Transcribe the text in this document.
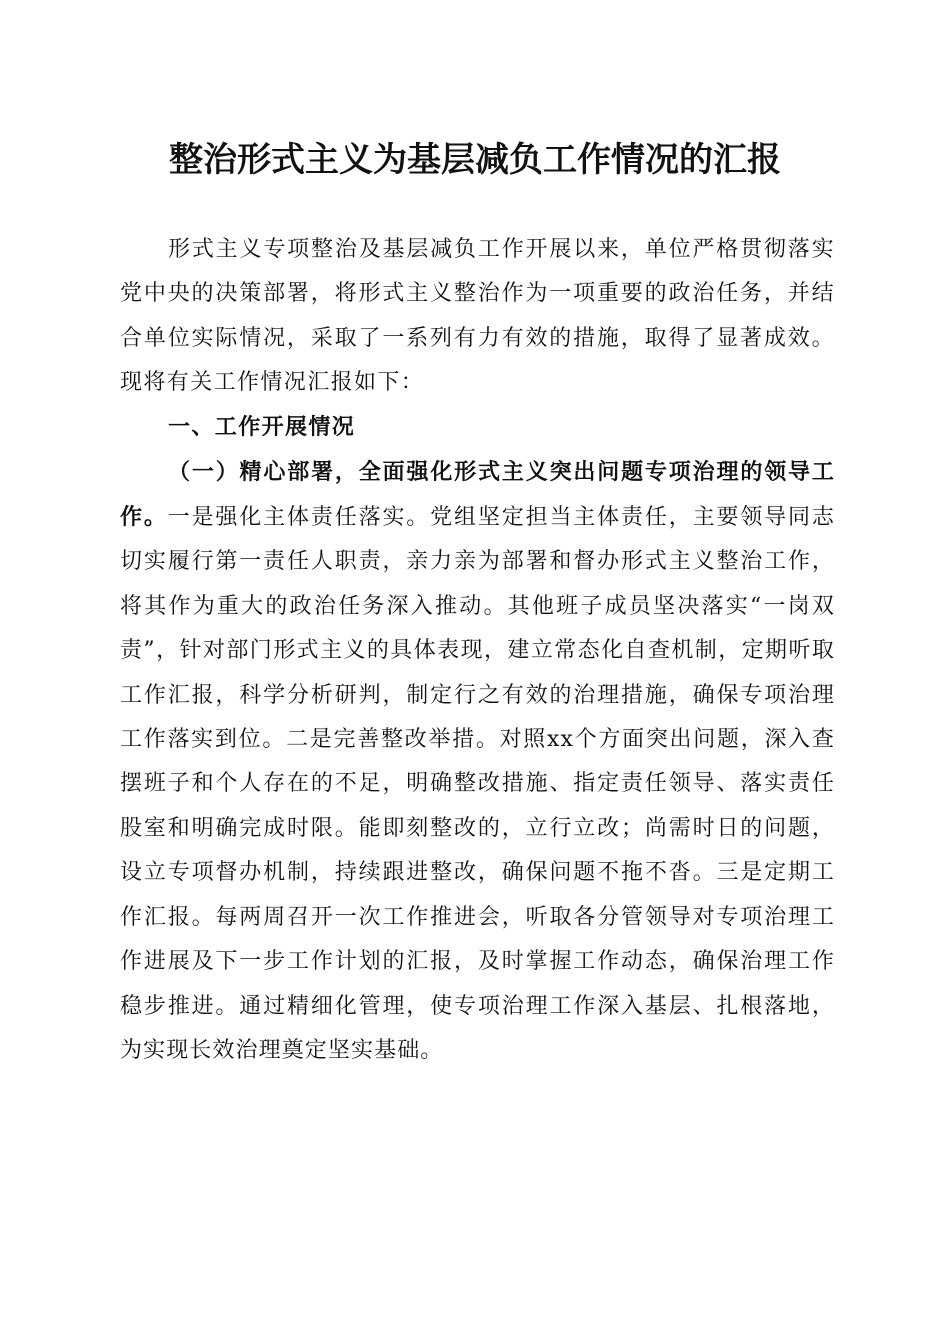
整治形式主义为基层减负工作情况的汇报

形式主义专项整治及基层减负工作开展以来，单位严格贯彻落实党中央的决策部署，将形式主义整治作为一项重要的政治任务，并结合单位实际情况，采取了一系列有力有效的措施，取得了显著成效。现将有关工作情况汇报如下：

一、工作开展情况

（一）精心部署，全面强化形式主义突出问题专项治理的领导工作。一是强化主体责任落实。党组坚定担当主体责任，主要领导同志切实履行第一责任人职责，亲力亲为部署和督办形式主义整治工作，将其作为重大的政治任务深入推动。其他班子成员坚决落实“一岗双责”，针对部门形式主义的具体表现，建立常态化自查机制，定期听取工作汇报，科学分析研判，制定行之有效的治理措施，确保专项治理工作落实到位。二是完善整改举措。对照xx个方面突出问题，深入查摆班子和个人存在的不足，明确整改措施、指定责任领导、落实责任股室和明确完成时限。能即刻整改的，立行立改；尚需时日的问题，设立专项督办机制，持续跟进整改，确保问题不拖不沓。三是定期工作汇报。每两周召开一次工作推进会，听取各分管领导对专项治理工作进展及下一步工作计划的汇报，及时掌握工作动态，确保治理工作稳步推进。通过精细化管理，使专项治理工作深入基层、扎根落地，为实现长效治理奠定坚实基础。
